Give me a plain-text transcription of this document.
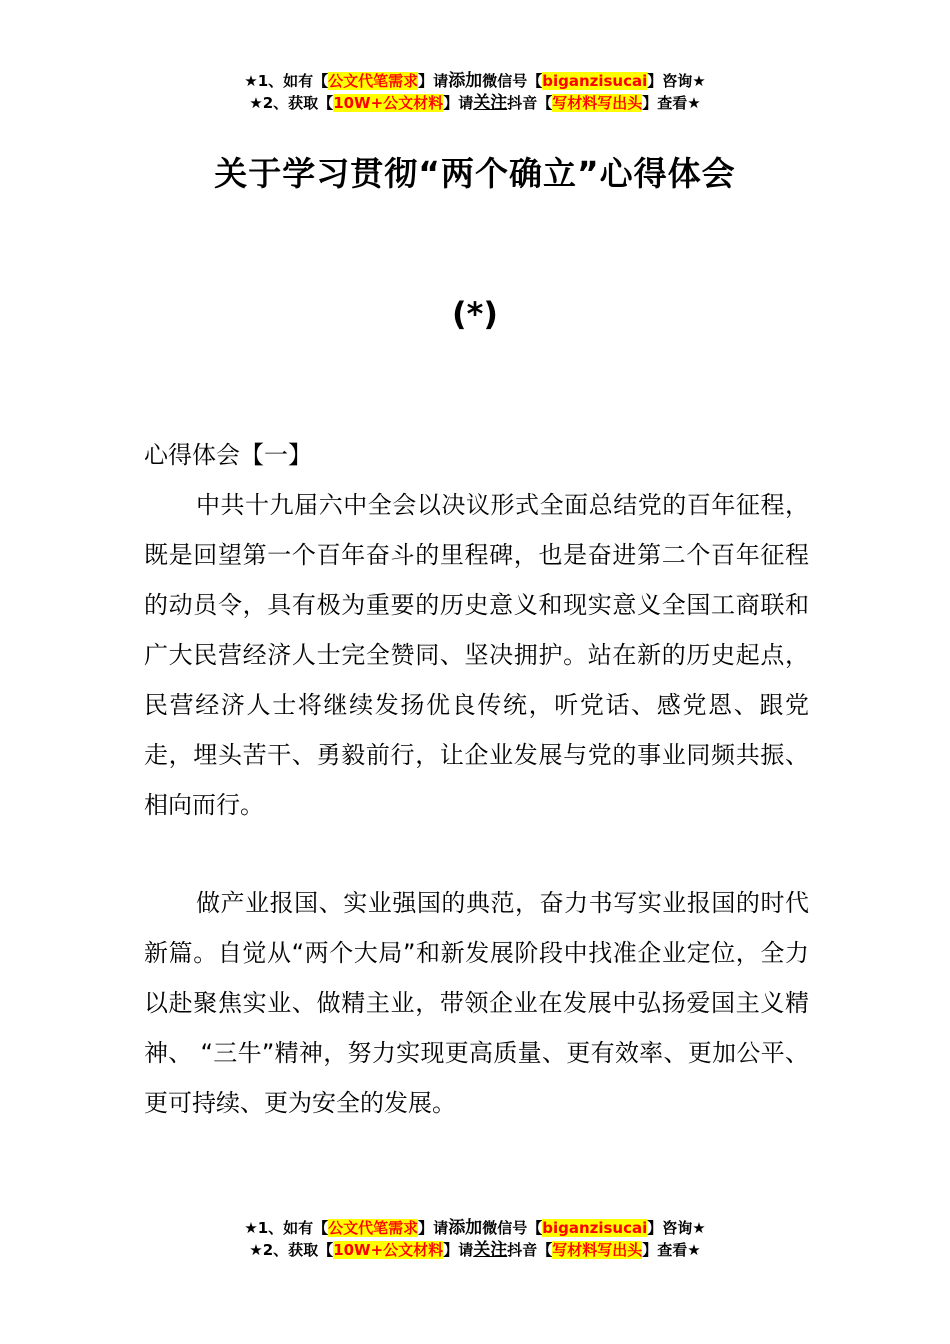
★1、如有【公文代笔需求】请添加微信号【biganzisucai】咨询★
★2、获取【10W+公文材料】请关注抖音【写材料写出头】查看★
关于学习贯彻“两个确立”心得体会
(*)
心得体会【一】

中共十九届六中全会以决议形式全面总结党的百年征程，既是回望第一个百年奋斗的里程碑，也是奋进第二个百年征程的动员令，具有极为重要的历史意义和现实意义全国工商联和广大民营经济人士完全赞同、坚决拥护。站在新的历史起点，民营经济人士将继续发扬优良传统，听党话、感党恩、跟党走，埋头苦干、勇毅前行，让企业发展与党的事业同频共振、相向而行。

做产业报国、实业强国的典范，奋力书写实业报国的时代新篇。自觉从“两个大局”和新发展阶段中找准企业定位，全力以赴聚焦实业、做精主业，带领企业在发展中弘扬爱国主义精神、 “三牛”精神，努力实现更高质量、更有效率、更加公平、更可持续、更为安全的发展。

★1、如有【公文代笔需求】请添加微信号【biganzisucai】咨询★
★2、获取【10W+公文材料】请关注抖音【写材料写出头】查看★
